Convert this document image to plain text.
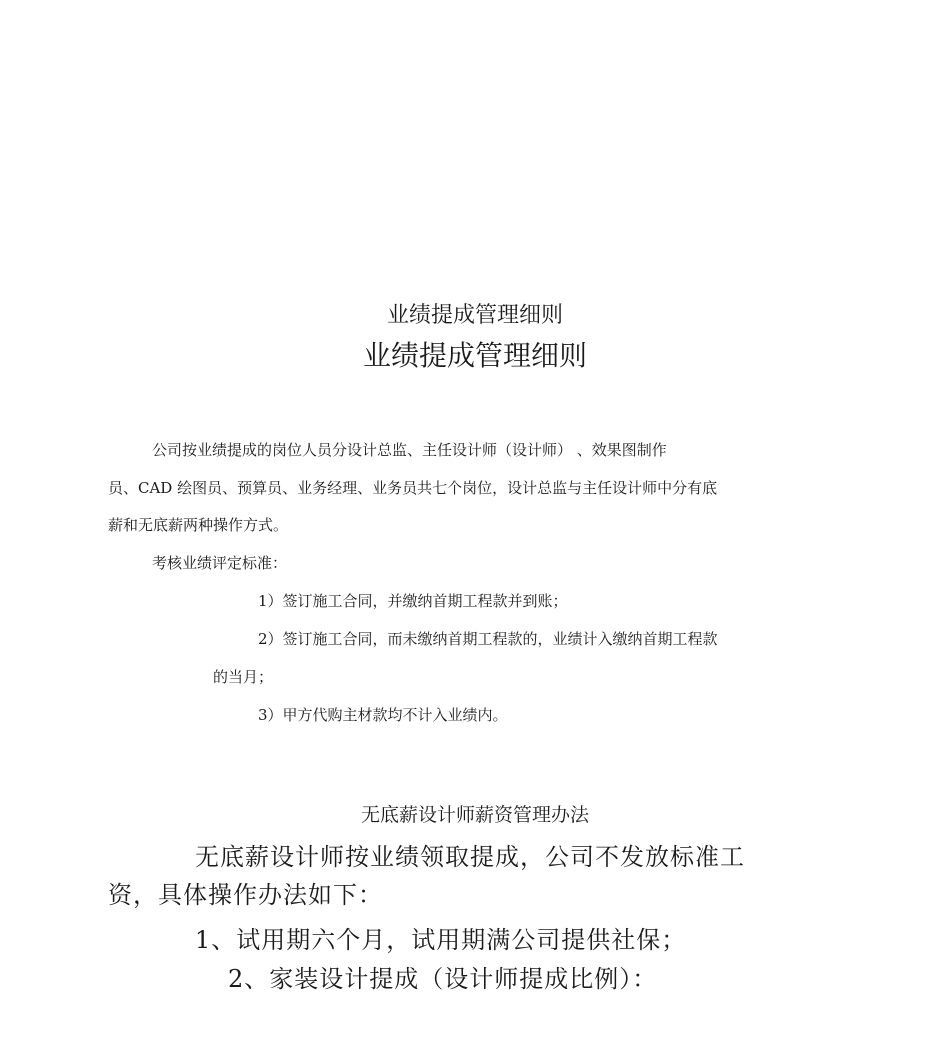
业绩提成管理细则
业绩提成管理细则
公司按业绩提成的岗位人员分设计总监、主任设计师（设计师） 、效果图制作
员、CAD 绘图员、预算员、业务经理、业务员共七个岗位，设计总监与主任设计师中分有底
薪和无底薪两种操作方式。
考核业绩评定标准：
1）签订施工合同，并缴纳首期工程款并到账；
2）签订施工合同，而未缴纳首期工程款的，业绩计入缴纳首期工程款
的当月；
3）甲方代购主材款均不计入业绩内。
无底薪设计师薪资管理办法
无底薪设计师按业绩领取提成，公司不发放标准工
资，具体操作办法如下：
1、试用期六个月，试用期满公司提供社保；
2、家装设计提成（设计师提成比例）：
